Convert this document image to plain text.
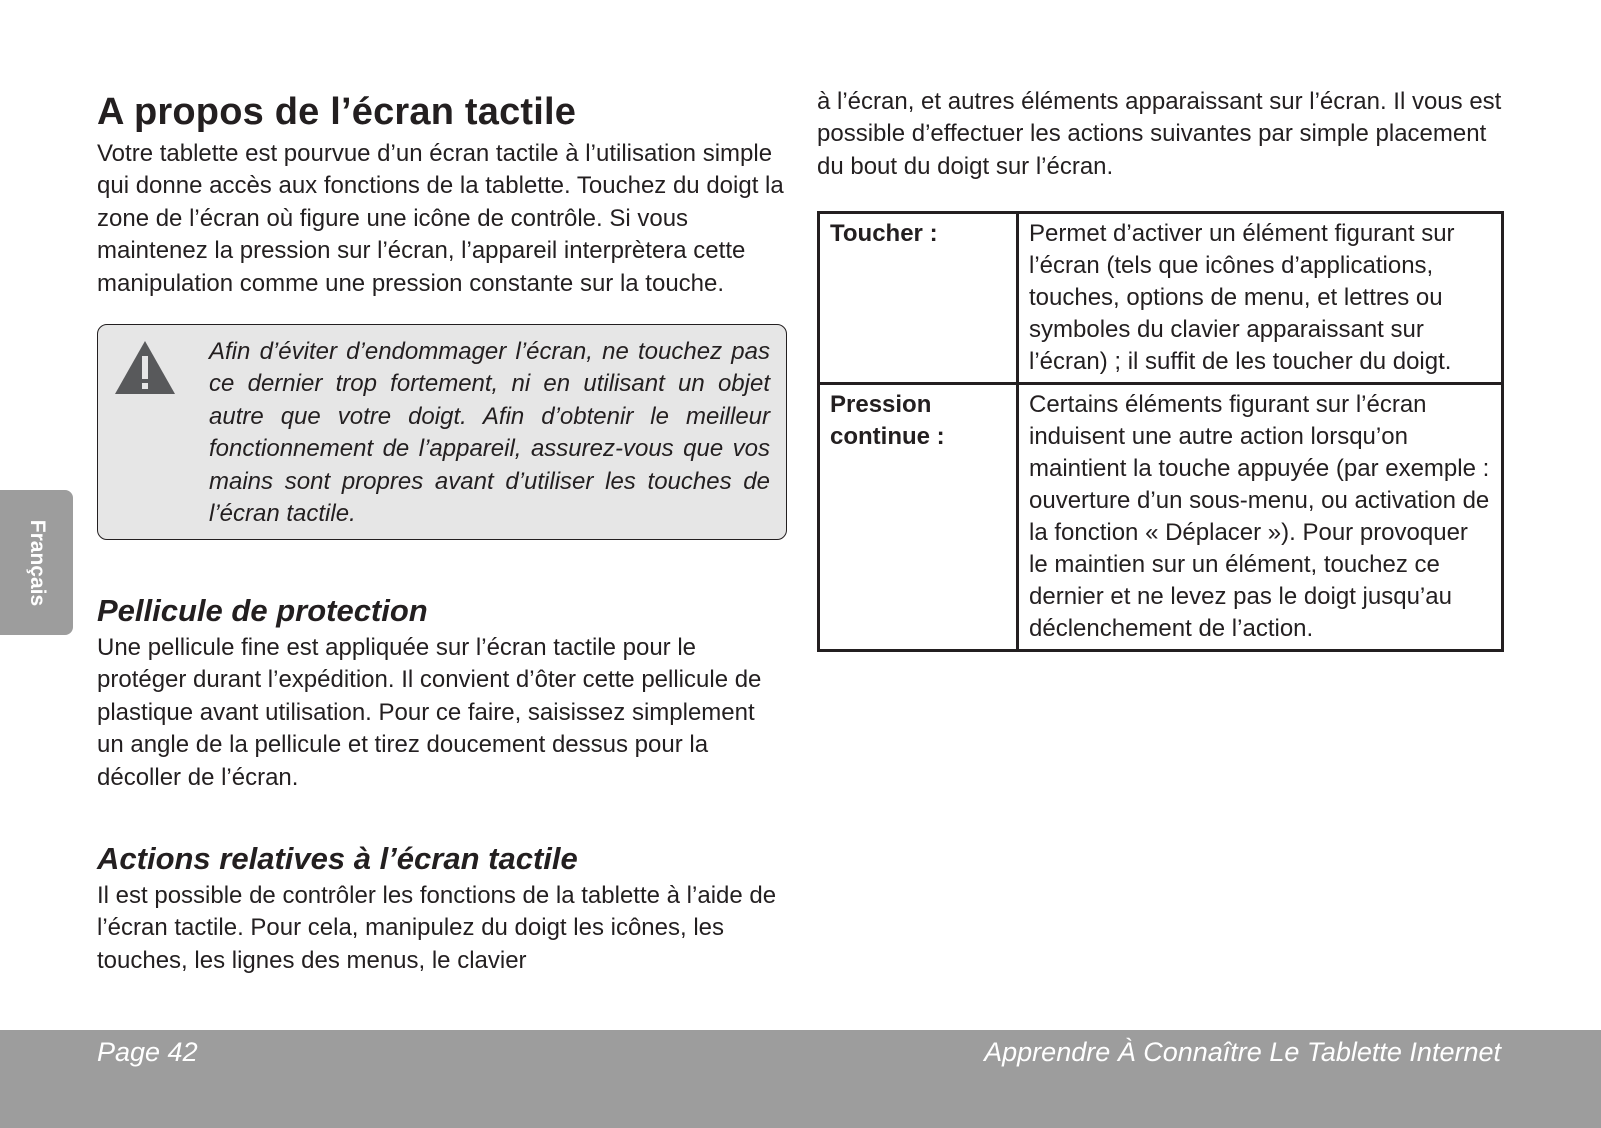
A propos de l’écran tactile

Votre tablette est pourvue d’un écran tactile à l’utilisation simple qui donne accès aux fonctions de la tablette. Touchez du doigt la zone de l’écran où figure une icône de contrôle. Si vous maintenez la pression sur l’écran, l’appareil interprètera cette manipulation comme une pression constante sur la touche.

Afin d’éviter d’endommager l’écran, ne touchez pas ce dernier trop fortement, ni en utilisant un objet autre que votre doigt. Afin d’obtenir le meilleur fonctionnement de l’appareil, assurez-vous que vos mains sont propres avant d’utiliser les touches de l’écran tactile.

Pellicule de protection

Une pellicule fine est appliquée sur l’écran tactile pour le protéger durant l’expédition. Il convient d’ôter cette pellicule de plastique avant utilisation. Pour ce faire, saisissez simplement un angle de la pellicule et tirez doucement dessus pour la décoller de l’écran.

Actions relatives à l’écran tactile

Il est possible de contrôler les fonctions de la tablette à l’aide de l’écran tactile. Pour cela, manipulez du doigt les icônes, les touches, les lignes des menus, le clavier

à l’écran, et autres éléments apparaissant sur l’écran. Il vous est possible d’effectuer les actions suivantes par simple placement du bout du doigt sur l’écran.

Toucher :	Permet d’activer un élément figurant sur l’écran (tels que icônes d’applications, touches, options de menu, et lettres ou symboles du clavier apparaissant sur l’écran) ; il suffit de les toucher du doigt.
Pression continue :	Certains éléments figurant sur l’écran induisent une autre action lorsqu’on maintient la touche appuyée (par exemple : ouverture d’un sous-menu, ou activation de la fonction « Déplacer »). Pour provoquer le maintien sur un élément, touchez ce dernier et ne levez pas le doigt jusqu’au déclenchement de l’action.
Français
Page 42	Apprendre À Connaître Le Tablette Internet
